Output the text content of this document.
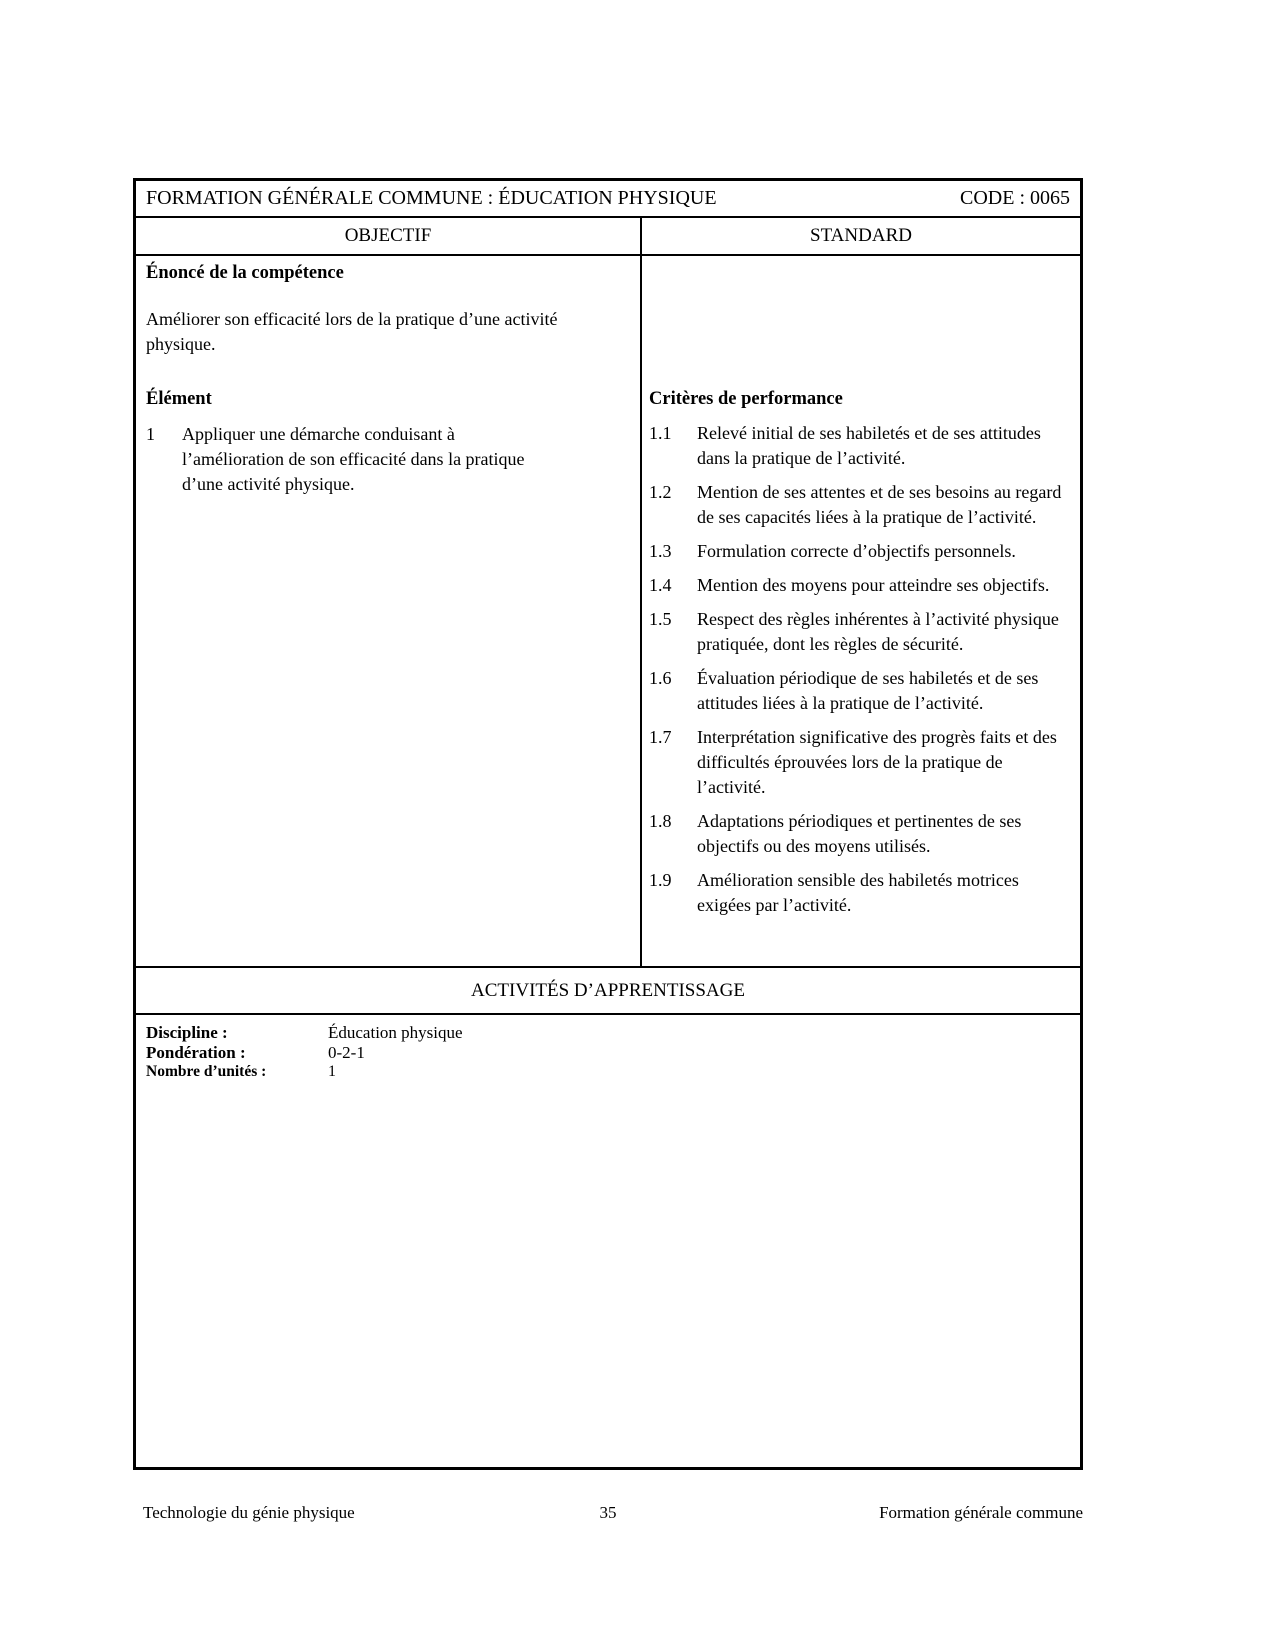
FORMATION GÉNÉRALE COMMUNE : ÉDUCATION PHYSIQUE	CODE : 0065
OBJECTIF	STANDARD
Énoncé de la compétence

Améliorer son efficacité lors de la pratique d’une activité physique.

Élément
1	Appliquer une démarche conduisant à l’amélioration de son efficacité dans la pratique d’une activité physique.
Critères de performance
1.1	Relevé initial de ses habiletés et de ses attitudes dans la pratique de l’activité.
1.2	Mention de ses attentes et de ses besoins au regard de ses capacités liées à la pratique de l’activité.
1.3	Formulation correcte d’objectifs personnels.
1.4	Mention des moyens pour atteindre ses objectifs.
1.5	Respect des règles inhérentes à l’activité physique pratiquée, dont les règles de sécurité.
1.6	Évaluation périodique de ses habiletés et de ses attitudes liées à la pratique de l’activité.
1.7	Interprétation significative des progrès faits et des difficultés éprouvées lors de la pratique de l’activité.
1.8	Adaptations périodiques et pertinentes de ses objectifs ou des moyens utilisés.
1.9	Amélioration sensible des habiletés motrices exigées par l’activité.
ACTIVITÉS D’APPRENTISSAGE
Discipline :	Éducation physique
Pondération :	0-2-1
Nombre d’unités :	1
Technologie du génie physique	35	Formation générale commune
